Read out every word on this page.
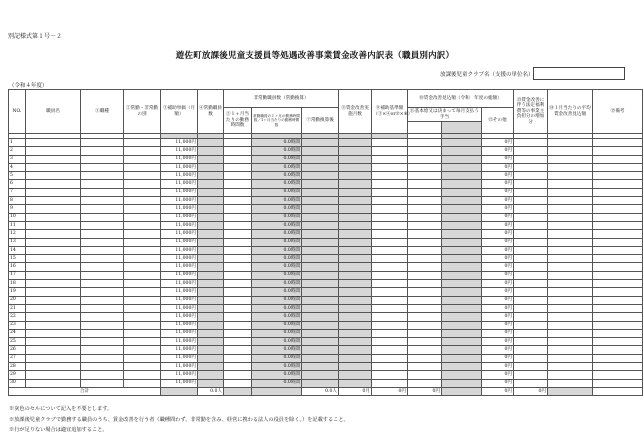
別記様式第１号－２
遊佐町放課後児童支援員等処遇改善事業賃金改善内訳表（職員別内訳）
放課後児童クラブ名（支援の単位名）
（令和４年度）
NO.	職員名	①職種	②常勤・非常勤の別	③補助単価（月額）	④常勤職員数	非常勤職員数（常勤換算）			⑧賃金改善実施月数	⑨補助基準額（③×④or⑦×⑧）	⑩賃金改善見込額（令和　年度の総額）			⑬賃金改善に伴う法定福利費等の事業主負担分の増加分	⑭１月当たりの平均賃金改善見込額	⑮備考
						⑤１ヶ月当たりの勤務時間数	常勤職員の１ヶ月の勤務時間数／1ヶ月当たりの勤務時間数	⑦常勤換算後			⑪基本給又は決まって毎月支払う手当		⑫その他			

1				11,000円			0.0時間						0円			
2				11,000円			0.0時間						0円			
3				11,000円			0.0時間						0円			
4				11,000円			0.0時間						0円			
5				11,000円			0.0時間						0円			
6				11,000円			0.0時間						0円			
7				11,000円			0.0時間						0円			
8				11,000円			0.0時間						0円			
9				11,000円			0.0時間						0円			
10				11,000円			0.0時間						0円			
11				11,000円			0.0時間						0円			
12				11,000円			0.0時間						0円			
13				11,000円			0.0時間						0円			
14				11,000円			0.0時間						0円			
15				11,000円			0.0時間						0円			
16				11,000円			0.0時間						0円			
17				11,000円			0.0時間						0円			
18				11,000円			0.0時間						0円			
19				11,000円			0.0時間						0円			
20				11,000円			0.0時間						0円			
21				11,000円			0.0時間						0円			
22				11,000円			0.0時間						0円			
23				11,000円			0.0時間						0円			
24				11,000円			0.0時間						0円			
25				11,000円			0.0時間						0円			
26				11,000円			0.0時間						0円			
27				11,000円			0.0時間						0円			
28				11,000円			0.0時間						0円			
29				11,000円			0.0時間						0円			
30				11,000円			0.0時間						0円			
合計					0.0人			0.0人	0月	0円	0円		0円	0円		
※灰色のセルについて記入を不要とします。
※放課後児童クラブで勤務する職員のうち、賃金改善を行う者（職種問わず、非常勤を含み、経営に携わる法人の役員を除く。）を記載すること。
※行が足りない場合は適宜追加すること。
